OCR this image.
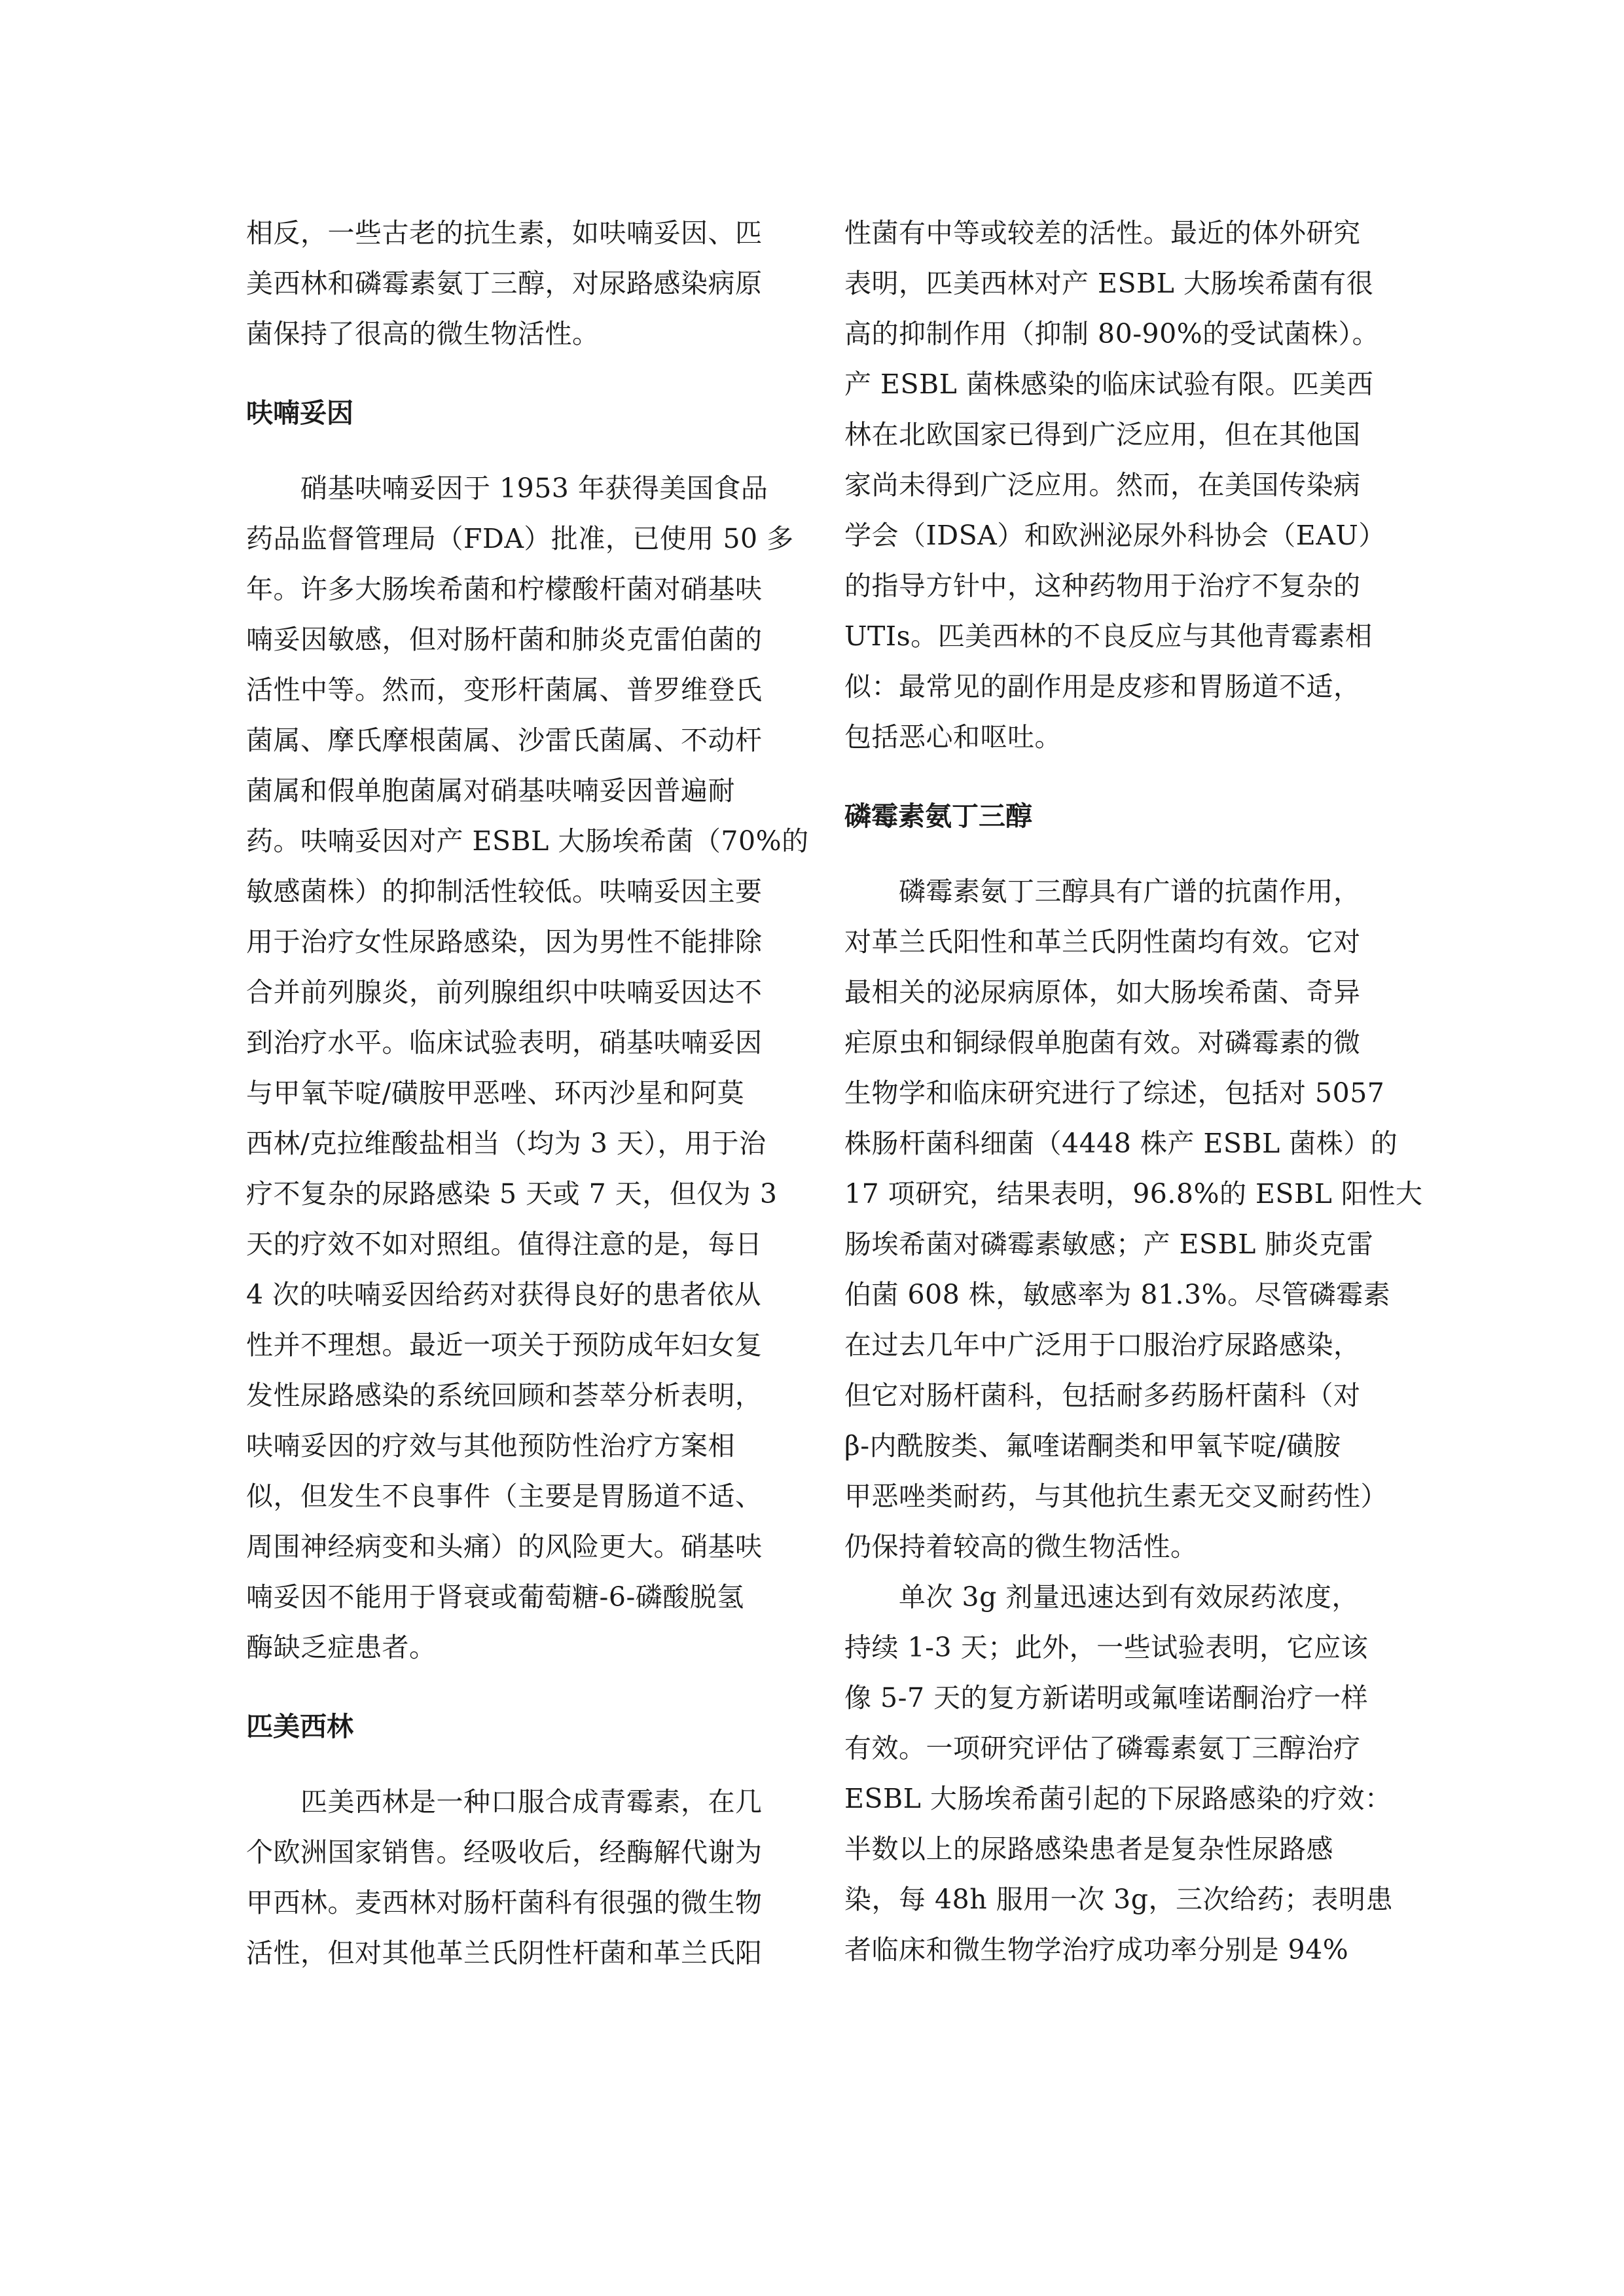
相反，一些古老的抗生素，如呋喃妥因、匹
美西林和磷霉素氨丁三醇，对尿路感染病原
菌保持了很高的微生物活性。
呋喃妥因
硝基呋喃妥因于 1953 年获得美国食品
药品监督管理局（FDA）批准，已使用 50 多
年。许多大肠埃希菌和柠檬酸杆菌对硝基呋
喃妥因敏感，但对肠杆菌和肺炎克雷伯菌的
活性中等。然而，变形杆菌属、普罗维登氏
菌属、摩氏摩根菌属、沙雷氏菌属、不动杆
菌属和假单胞菌属对硝基呋喃妥因普遍耐
药。呋喃妥因对产 ESBL 大肠埃希菌（70%的
敏感菌株）的抑制活性较低。呋喃妥因主要
用于治疗女性尿路感染，因为男性不能排除
合并前列腺炎，前列腺组织中呋喃妥因达不
到治疗水平。临床试验表明，硝基呋喃妥因
与甲氧苄啶/磺胺甲恶唑、环丙沙星和阿莫
西林/克拉维酸盐相当（均为 3 天），用于治
疗不复杂的尿路感染 5 天或 7 天，但仅为 3
天的疗效不如对照组。值得注意的是，每日
4 次的呋喃妥因给药对获得良好的患者依从
性并不理想。最近一项关于预防成年妇女复
发性尿路感染的系统回顾和荟萃分析表明，
呋喃妥因的疗效与其他预防性治疗方案相
似，但发生不良事件（主要是胃肠道不适、
周围神经病变和头痛）的风险更大。硝基呋
喃妥因不能用于肾衰或葡萄糖-6-磷酸脱氢
酶缺乏症患者。
匹美西林
匹美西林是一种口服合成青霉素，在几
个欧洲国家销售。经吸收后，经酶解代谢为
甲西林。麦西林对肠杆菌科有很强的微生物
活性，但对其他革兰氏阴性杆菌和革兰氏阳
性菌有中等或较差的活性。最近的体外研究
表明，匹美西林对产 ESBL 大肠埃希菌有很
高的抑制作用（抑制 80-90%的受试菌株）。
产 ESBL 菌株感染的临床试验有限。匹美西
林在北欧国家已得到广泛应用，但在其他国
家尚未得到广泛应用。然而，在美国传染病
学会（IDSA）和欧洲泌尿外科协会（EAU）
的指导方针中，这种药物用于治疗不复杂的
UTIs。匹美西林的不良反应与其他青霉素相
似：最常见的副作用是皮疹和胃肠道不适，
包括恶心和呕吐。
磷霉素氨丁三醇
磷霉素氨丁三醇具有广谱的抗菌作用，
对革兰氏阳性和革兰氏阴性菌均有效。它对
最相关的泌尿病原体，如大肠埃希菌、奇异
疟原虫和铜绿假单胞菌有效。对磷霉素的微
生物学和临床研究进行了综述，包括对 5057
株肠杆菌科细菌（4448 株产 ESBL 菌株）的
17 项研究，结果表明，96.8%的 ESBL 阳性大
肠埃希菌对磷霉素敏感；产 ESBL 肺炎克雷
伯菌 608 株，敏感率为 81.3%。尽管磷霉素
在过去几年中广泛用于口服治疗尿路感染，
但它对肠杆菌科，包括耐多药肠杆菌科（对
β-内酰胺类、氟喹诺酮类和甲氧苄啶/磺胺
甲恶唑类耐药，与其他抗生素无交叉耐药性）
仍保持着较高的微生物活性。
单次 3g 剂量迅速达到有效尿药浓度，
持续 1-3 天；此外，一些试验表明，它应该
像 5-7 天的复方新诺明或氟喹诺酮治疗一样
有效。一项研究评估了磷霉素氨丁三醇治疗
ESBL 大肠埃希菌引起的下尿路感染的疗效：
半数以上的尿路感染患者是复杂性尿路感
染，每 48h 服用一次 3g，三次给药；表明患
者临床和微生物学治疗成功率分别是 94%
